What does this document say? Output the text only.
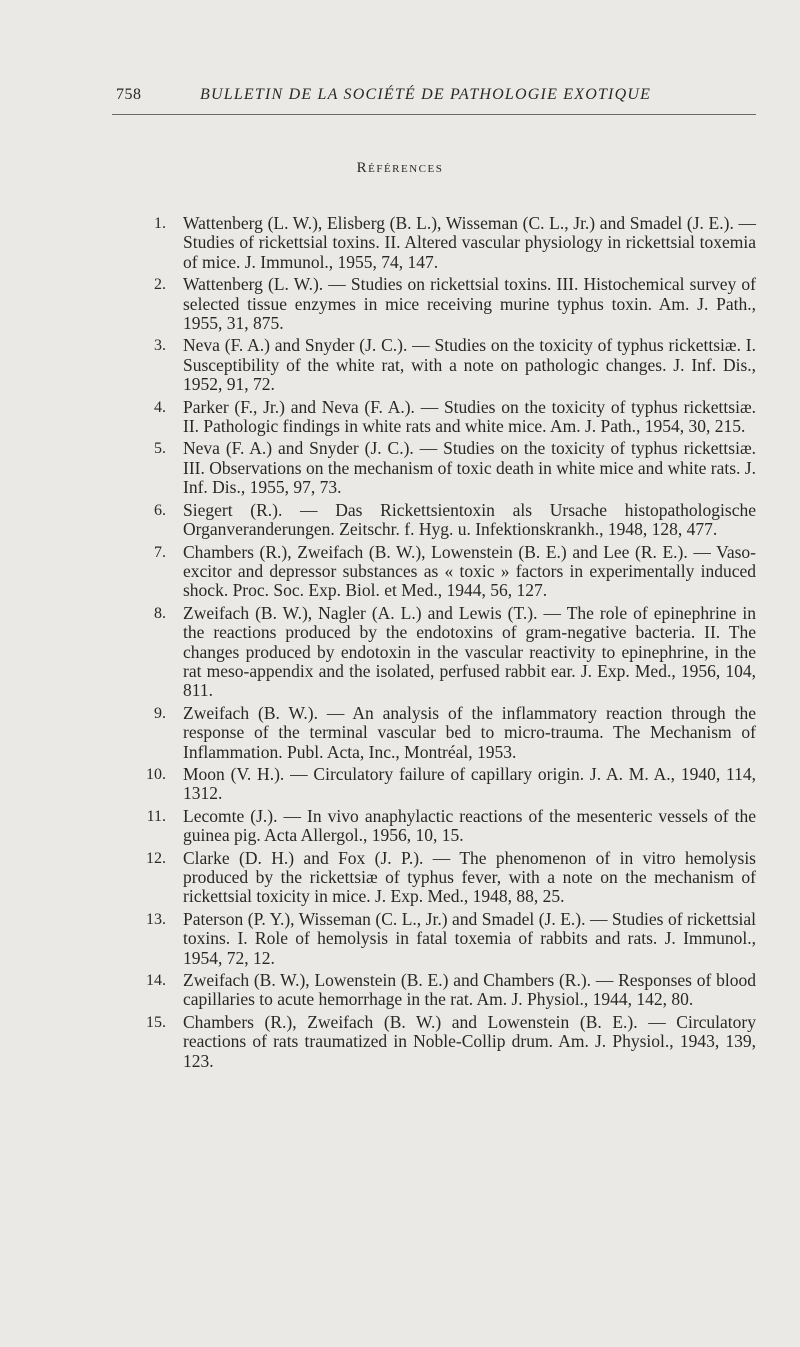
758	BULLETIN DE LA SOCIÉTÉ DE PATHOLOGIE EXOTIQUE
Références
1. Wattenberg (L. W.), Elisberg (B. L.), Wisseman (C. L., Jr.) and Smadel (J. E.). — Studies of rickettsial toxins. II. Altered vascular physiology in rickettsial toxemia of mice. J. Immunol., 1955, 74, 147.
2. Wattenberg (L. W.). — Studies on rickettsial toxins. III. Histochemical survey of selected tissue enzymes in mice receiving murine typhus toxin. Am. J. Path., 1955, 31, 875.
3. Neva (F. A.) and Snyder (J. C.). — Studies on the toxicity of typhus rickettsiæ. I. Susceptibility of the white rat, with a note on pathologic changes. J. Inf. Dis., 1952, 91, 72.
4. Parker (F., Jr.) and Neva (F. A.). — Studies on the toxicity of typhus rickettsiæ. II. Pathologic findings in white rats and white mice. Am. J. Path., 1954, 30, 215.
5. Neva (F. A.) and Snyder (J. C.). — Studies on the toxicity of typhus rickettsiæ. III. Observations on the mechanism of toxic death in white mice and white rats. J. Inf. Dis., 1955, 97, 73.
6. Siegert (R.). — Das Rickettsientoxin als Ursache histopathologische Organveranderungen. Zeitschr. f. Hyg. u. Infektionskrankh., 1948, 128, 477.
7. Chambers (R.), Zweifach (B. W.), Lowenstein (B. E.) and Lee (R. E.). — Vaso-excitor and depressor substances as « toxic » factors in experimentally induced shock. Proc. Soc. Exp. Biol. et Med., 1944, 56, 127.
8. Zweifach (B. W.), Nagler (A. L.) and Lewis (T.). — The role of epinephrine in the reactions produced by the endotoxins of gram-negative bacteria. II. The changes produced by endotoxin in the vascular reactivity to epinephrine, in the rat meso-appendix and the isolated, perfused rabbit ear. J. Exp. Med., 1956, 104, 811.
9. Zweifach (B. W.). — An analysis of the inflammatory reaction through the response of the terminal vascular bed to micro-trauma. The Mechanism of Inflammation. Publ. Acta, Inc., Montréal, 1953.
10. Moon (V. H.). — Circulatory failure of capillary origin. J. A. M. A., 1940, 114, 1312.
11. Lecomte (J.). — In vivo anaphylactic reactions of the mesenteric vessels of the guinea pig. Acta Allergol., 1956, 10, 15.
12. Clarke (D. H.) and Fox (J. P.). — The phenomenon of in vitro hemolysis produced by the rickettsiæ of typhus fever, with a note on the mechanism of rickettsial toxicity in mice. J. Exp. Med., 1948, 88, 25.
13. Paterson (P. Y.), Wisseman (C. L., Jr.) and Smadel (J. E.). — Studies of rickettsial toxins. I. Role of hemolysis in fatal toxemia of rabbits and rats. J. Immunol., 1954, 72, 12.
14. Zweifach (B. W.), Lowenstein (B. E.) and Chambers (R.). — Responses of blood capillaries to acute hemorrhage in the rat. Am. J. Physiol., 1944, 142, 80.
15. Chambers (R.), Zweifach (B. W.) and Lowenstein (B. E.). — Circulatory reactions of rats traumatized in Noble-Collip drum. Am. J. Physiol., 1943, 139, 123.
